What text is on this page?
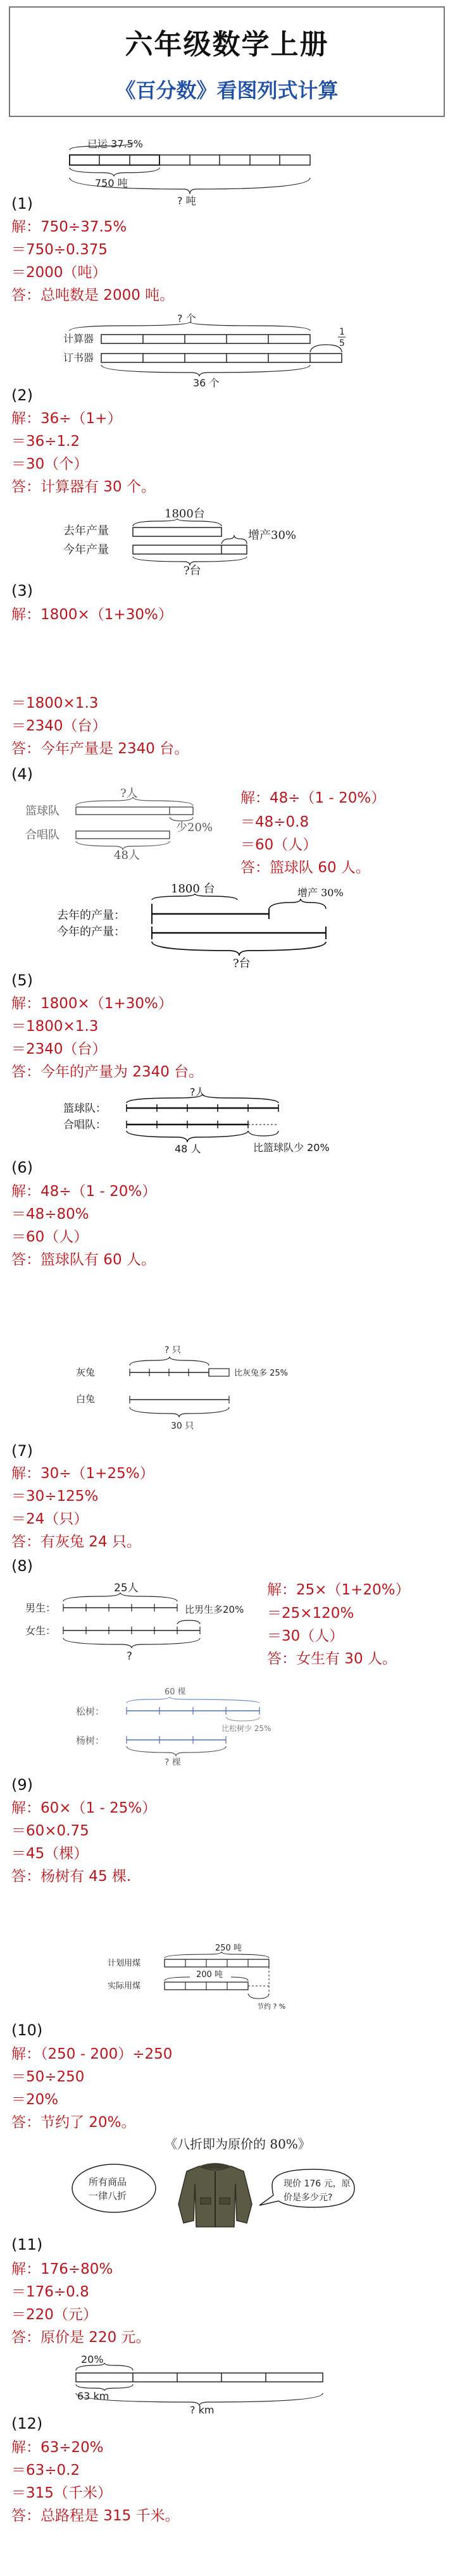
六年级数学上册
《百分数》看图列式计算
已运 37.5%
750 吨
? 吨
(1)
解：750÷37.5%
＝750÷0.375
＝2000（吨）
答：总吨数是 2000 吨。
? 个
计算器
订书器
1
5
36 个
(2)
解：36÷（1+）
＝36÷1.2
＝30（个）
答：计算器有 30 个。
1800台
去年产量
今年产量
增产30%
?台
(3)
解：1800×（1+30%）
＝1800×1.3
＝2340（台）
答：今年产量是 2340 台。
(4)
?人
篮球队
少20%
合唱队
48人
解：48÷（1 - 20%）
＝48÷0.8
＝60（人）
答：篮球队 60 人。
1800 台
去年的产量：
增产 30%
今年的产量：
?台
(5)
解：1800×（1+30%）
＝1800×1.3
＝2340（台）
答：今年的产量为 2340 台。
?人
篮球队：
合唱队：
48 人	比篮球队少 20%
(6)
解：48÷（1 - 20%）
＝48÷80%
＝60（人）
答：篮球队有 60 人。
? 只
灰兔	比灰兔多 25%
白兔
30 只
(7)
解：30÷（1+25%）
＝30÷125%
＝24（只）
答：有灰兔 24 只。
(8)
25人
男生：	比男生多20%
女生：
?
解：25×（1+20%）
＝25×120%
＝30（人）
答：女生有 30 人。
60 棵
松树：
比松树少 25%
杨树：
? 棵
(9)
解：60×（1 - 25%）
＝60×0.75
＝45（棵）
答：杨树有 45 棵.
250 吨
计划用煤
200 吨
实际用煤
节约 ? %
(10)
解：（250 - 200）÷250
＝50÷250
＝20%
答：节约了 20%。
《八折即为原价的 80%》
所有商品
一律八折
现价 176 元，原
价是多少元?
(11)
解：176÷80%
＝176÷0.8
＝220（元）
答：原价是 220 元。
20%
63 km
? km
(12)
解：63÷20%
＝63÷0.2
＝315（千米）
答：总路程是 315 千米。
